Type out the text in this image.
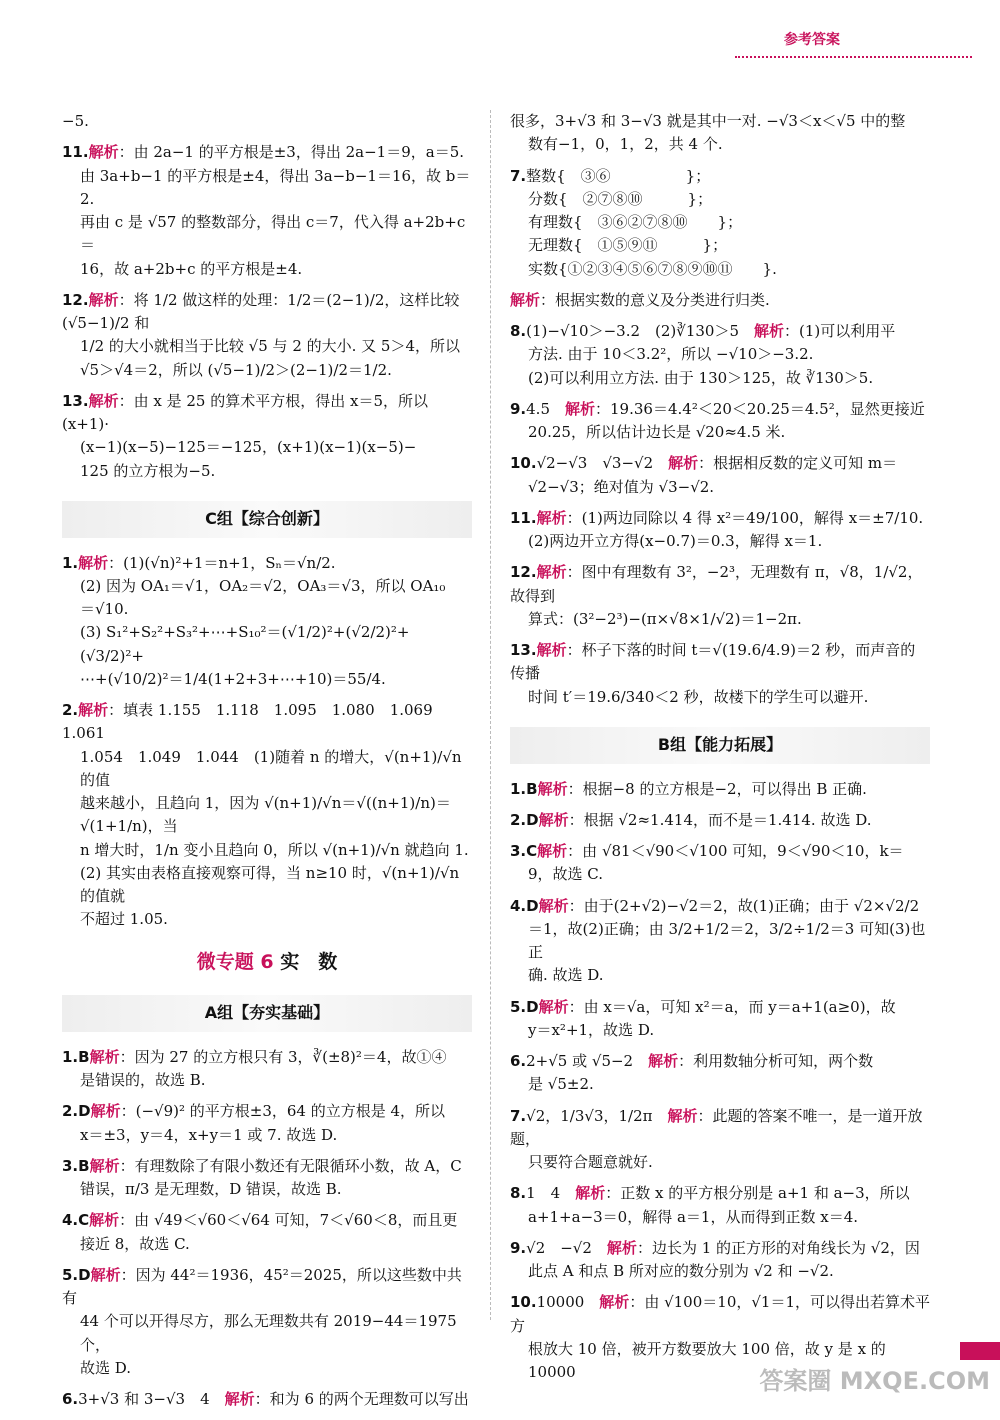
参考答案
−5.
11.解析：由 2a−1 的平方根是±3，得出 2a−1＝9，a＝5.
由 3a+b−1 的平方根是±4，得出 3a−b−1＝16，故 b＝2.
再由 c 是 √57 的整数部分，得出 c＝7，代入得 a+2b+c＝
16，故 a+2b+c 的平方根是±4.
12.解析：将 1/2 做这样的处理：1/2＝(2−1)/2，这样比较 (√5−1)/2 和
1/2 的大小就相当于比较 √5 与 2 的大小. 又 5＞4，所以
√5＞√4＝2，所以 (√5−1)/2＞(2−1)/2＝1/2.
13.解析：由 x 是 25 的算术平方根，得出 x＝5，所以(x+1)·
(x−1)(x−5)−125＝−125，(x+1)(x−1)(x−5)−
125 的立方根为−5.
C组【综合创新】
1.解析：(1)(√n)²+1＝n+1，Sₙ＝√n/2.
(2) 因为 OA₁＝√1，OA₂＝√2，OA₃＝√3，所以 OA₁₀
＝√10.
(3) S₁²+S₂²+S₃²+⋯+S₁₀²＝(√1/2)²+(√2/2)²+(√3/2)²+
⋯+(√10/2)²＝1/4(1+2+3+⋯+10)＝55/4.
2.解析：填表 1.155　1.118　1.095　1.080　1.069　1.061
1.054　1.049　1.044　(1)随着 n 的增大，√(n+1)/√n 的值
越来越小，且趋向 1，因为 √(n+1)/√n＝√((n+1)/n)＝√(1+1/n)，当
n 增大时，1/n 变小且趋向 0，所以 √(n+1)/√n 就趋向 1.
(2) 其实由表格直接观察可得，当 n≥10 时，√(n+1)/√n 的值就
不超过 1.05.
微专题 6 实　数
A组【夯实基础】
1.B解析：因为 27 的立方根只有 3，∛(±8)²＝4，故①④
是错误的，故选 B.
2.D解析：(−√9)² 的平方根±3，64 的立方根是 4，所以
x＝±3，y＝4，x+y＝1 或 7. 故选 D.
3.B解析：有理数除了有限小数还有无限循环小数，故 A，C
错误，π/3 是无理数，D 错误，故选 B.
4.C解析：由 √49＜√60＜√64 可知，7＜√60＜8，而且更
接近 8，故选 C.
5.D解析：因为 44²＝1936，45²＝2025，所以这些数中共有
44 个可以开得尽方，那么无理数共有 2019−44＝1975 个，
故选 D.
6.3+√3 和 3−√3　4　解析：和为 6 的两个无理数可以写出
很多，3+√3 和 3−√3 就是其中一对. −√3＜x＜√5 中的整
数有−1，0，1，2，共 4 个.
7.整数{　③⑥　　　　　}；
分数{　②⑦⑧⑩　　　}；
有理数{　③⑥②⑦⑧⑩　　}；
无理数{　①⑤⑨⑪　　　}；
实数{①②③④⑤⑥⑦⑧⑨⑩⑪　　}.
解析：根据实数的意义及分类进行归类.
8.(1)−√10＞−3.2　(2)∛130＞5　解析：(1)可以利用平
方法. 由于 10＜3.2²，所以 −√10＞−3.2.
(2)可以利用立方法. 由于 130＞125，故 ∛130＞5.
9.4.5　解析：19.36＝4.4²＜20＜20.25＝4.5²，显然更接近
20.25，所以估计边长是 √20≈4.5 米.
10.√2−√3　√3−√2　解析：根据相反数的定义可知 m＝
√2−√3；绝对值为 √3−√2.
11.解析：(1)两边同除以 4 得 x²＝49/100，解得 x＝±7/10.
(2)两边开立方得(x−0.7)＝0.3，解得 x＝1.
12.解析：图中有理数有 3²，−2³，无理数有 π，√8，1/√2，故得到
算式：(3²−2³)−(π×√8×1/√2)＝1−2π.
13.解析：杯子下落的时间 t＝√(19.6/4.9)＝2 秒，而声音的传播
时间 t′＝19.6/340＜2 秒，故楼下的学生可以避开.
B组【能力拓展】
1.B解析：根据−8 的立方根是−2，可以得出 B 正确.
2.D解析：根据 √2≈1.414，而不是＝1.414. 故选 D.
3.C解析：由 √81＜√90＜√100 可知，9＜√90＜10，k＝
9，故选 C.
4.D解析：由于(2+√2)−√2＝2，故(1)正确；由于 √2×√2/2
＝1，故(2)正确；由 3/2+1/2＝2，3/2÷1/2＝3 可知(3)也正
确. 故选 D.
5.D解析：由 x＝√a，可知 x²＝a，而 y＝a+1(a≥0)，故
y＝x²+1，故选 D.
6.2+√5 或 √5−2　解析：利用数轴分析可知，两个数
是 √5±2.
7.√2，1/3√3，1/2π　解析：此题的答案不唯一，是一道开放题，
只要符合题意就好.
8.1　4　解析：正数 x 的平方根分别是 a+1 和 a−3，所以
a+1+a−3＝0，解得 a＝1，从而得到正数 x＝4.
9.√2　−√2　解析：边长为 1 的正方形的对角线长为 √2，因
此点 A 和点 B 所对应的数分别为 √2 和 −√2.
10.10000　解析：由 √100＝10，√1＝1，可以得出若算术平方
根放大 10 倍，被开方数要放大 100 倍，故 y 是 x 的 10000	答案圈 MXQE.COM
